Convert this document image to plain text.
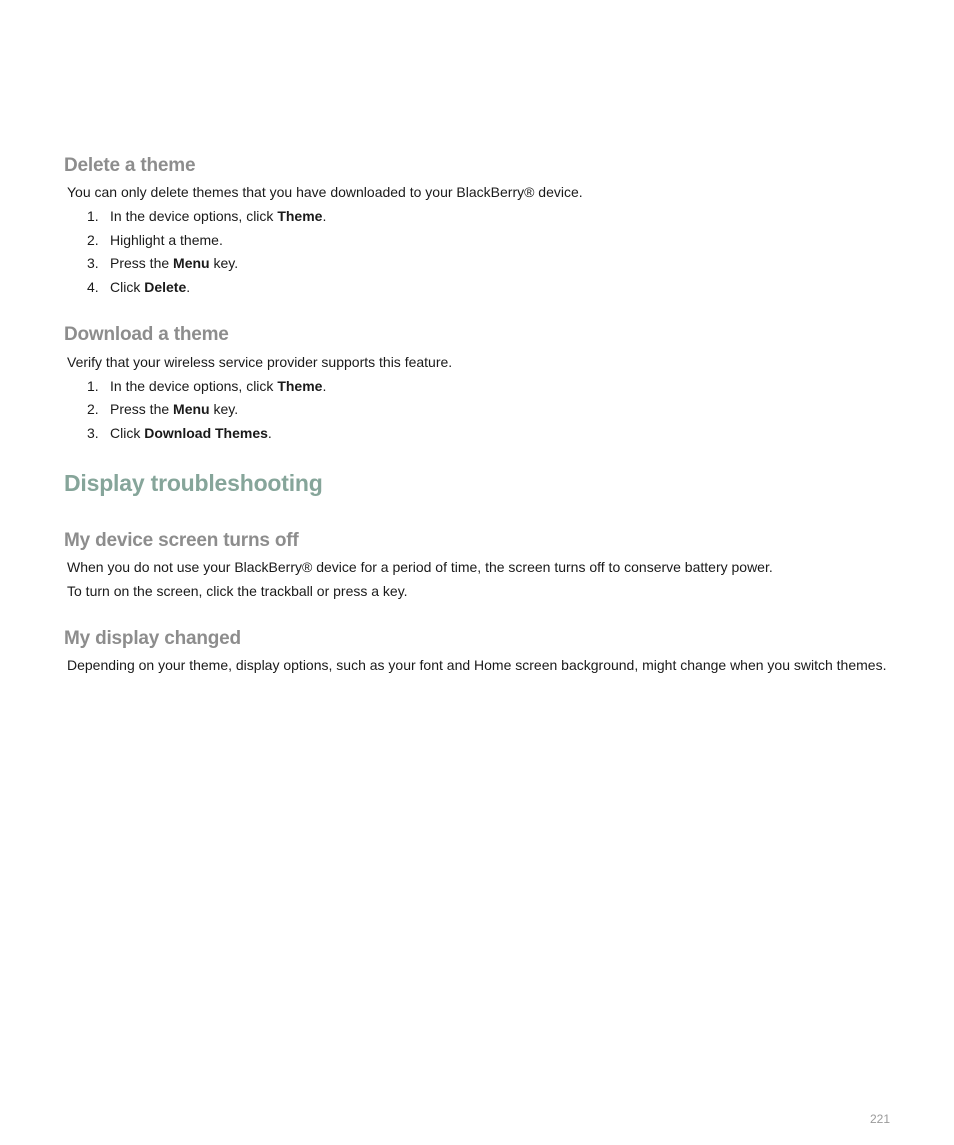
Delete a theme

You can only delete themes that you have downloaded to your BlackBerry® device.

1. In the device options, click Theme.
2. Highlight a theme.
3. Press the Menu key.
4. Click Delete.
Download a theme

Verify that your wireless service provider supports this feature.

1. In the device options, click Theme.
2. Press the Menu key.
3. Click Download Themes.
Display troubleshooting
My device screen turns off

When you do not use your BlackBerry® device for a period of time, the screen turns off to conserve battery power.

To turn on the screen, click the trackball or press a key.

My display changed

Depending on your theme, display options, such as your font and Home screen background, might change when you switch themes.

221
